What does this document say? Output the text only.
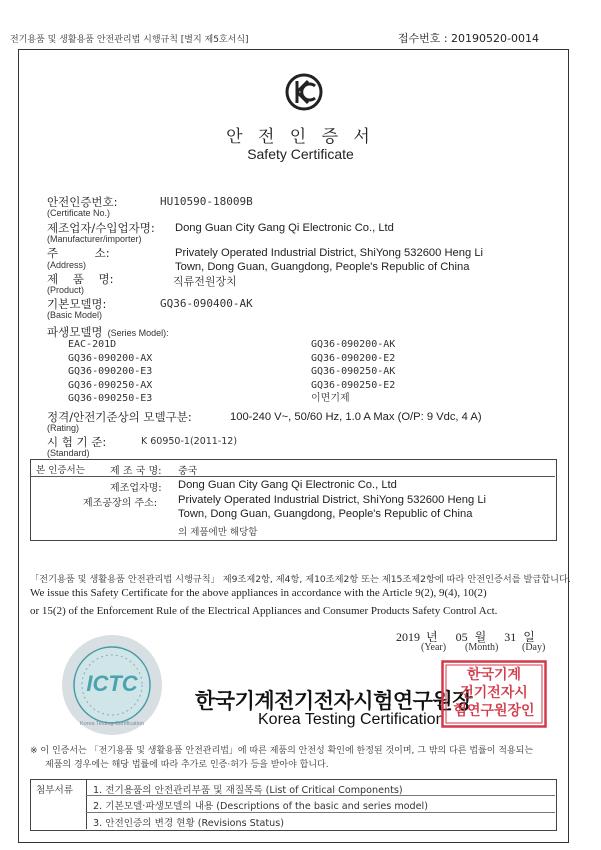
전기용품 및 생활용품 안전관리법 시행규칙 [별지 제5호서식]	접수번호 : 20190520-0014
안 전 인 증 서
Safety Certificate
안전인증번호:
(Certificate No.)
HU10590-18009B
제조업자/수입업자명:
(Manufacturer/importer)
Dong Guan City Gang Qi Electronic Co., Ltd
주          소:
(Address)
Privately Operated Industrial District, ShiYong 532600 Heng Li
Town, Dong Guan, Guangdong, People's Republic of China
제    품    명:
(Product)
직류전원장치
기본모델명:
(Basic Model)
GQ36-090400-AK
파생모델명 (Series Model):
EAC-201D
GQ36-090200-AX
GQ36-090200-E3
GQ36-090250-AX
GQ36-090250-E3
GQ36-090200-AK
GQ36-090200-E2
GQ36-090250-AK
GQ36-090250-E2
이면기제
정격/안전기준상의 모델구분:
(Rating)
100-240 V~, 50/60 Hz, 1.0 A Max (O/P: 9 Vdc, 4 A)
시 험 기 준:
(Standard)
K 60950-1(2011-12)
본 인증서는	제 조 국 명: 중국
제조업자명: Dong Guan City Gang Qi Electronic Co., Ltd
제조공장의 주소: Privately Operated Industrial District, ShiYong 532600 Heng Li
Town, Dong Guan, Guangdong, People's Republic of China
의 제품에만 해당함
「전기용품 및 생활용품 안전관리법 시행규칙」 제9조제2항, 제4항, 제10조제2항 또는 제15조제2항에 따라 안전인증서를 발급합니다.
We issue this Safety Certificate for the above appliances in accordance with the Article 9(2), 9(4), 10(2)
or 15(2) of the Enforcement Rule of the Electrical Appliances and Consumer Products Safety Control Act.
2019 년 05 월 31 일
(Year) (Month) (Day)
ICTC
Korea Testing Certification
한국기계전기전자시험연구원장
Korea Testing Certification
한국기계
전기전자시
험연구원장인
※ 이 인증서는 「전기용품 및 생활용품 안전관리법」에 따른 제품의 안전성 확인에 한정된 것이며, 그 밖의 다른 법률이 적용되는
제품의 경우에는 해당 법률에 따라 추가로 인증·허가 등을 받아야 합니다.
첨부서류 1. 전기용품의 안전관리부품 및 재질목록 (List of Critical Components)
2. 기본모델·파생모델의 내용 (Descriptions of the basic and series model)
3. 안전인증의 변경 현황 (Revisions Status)
